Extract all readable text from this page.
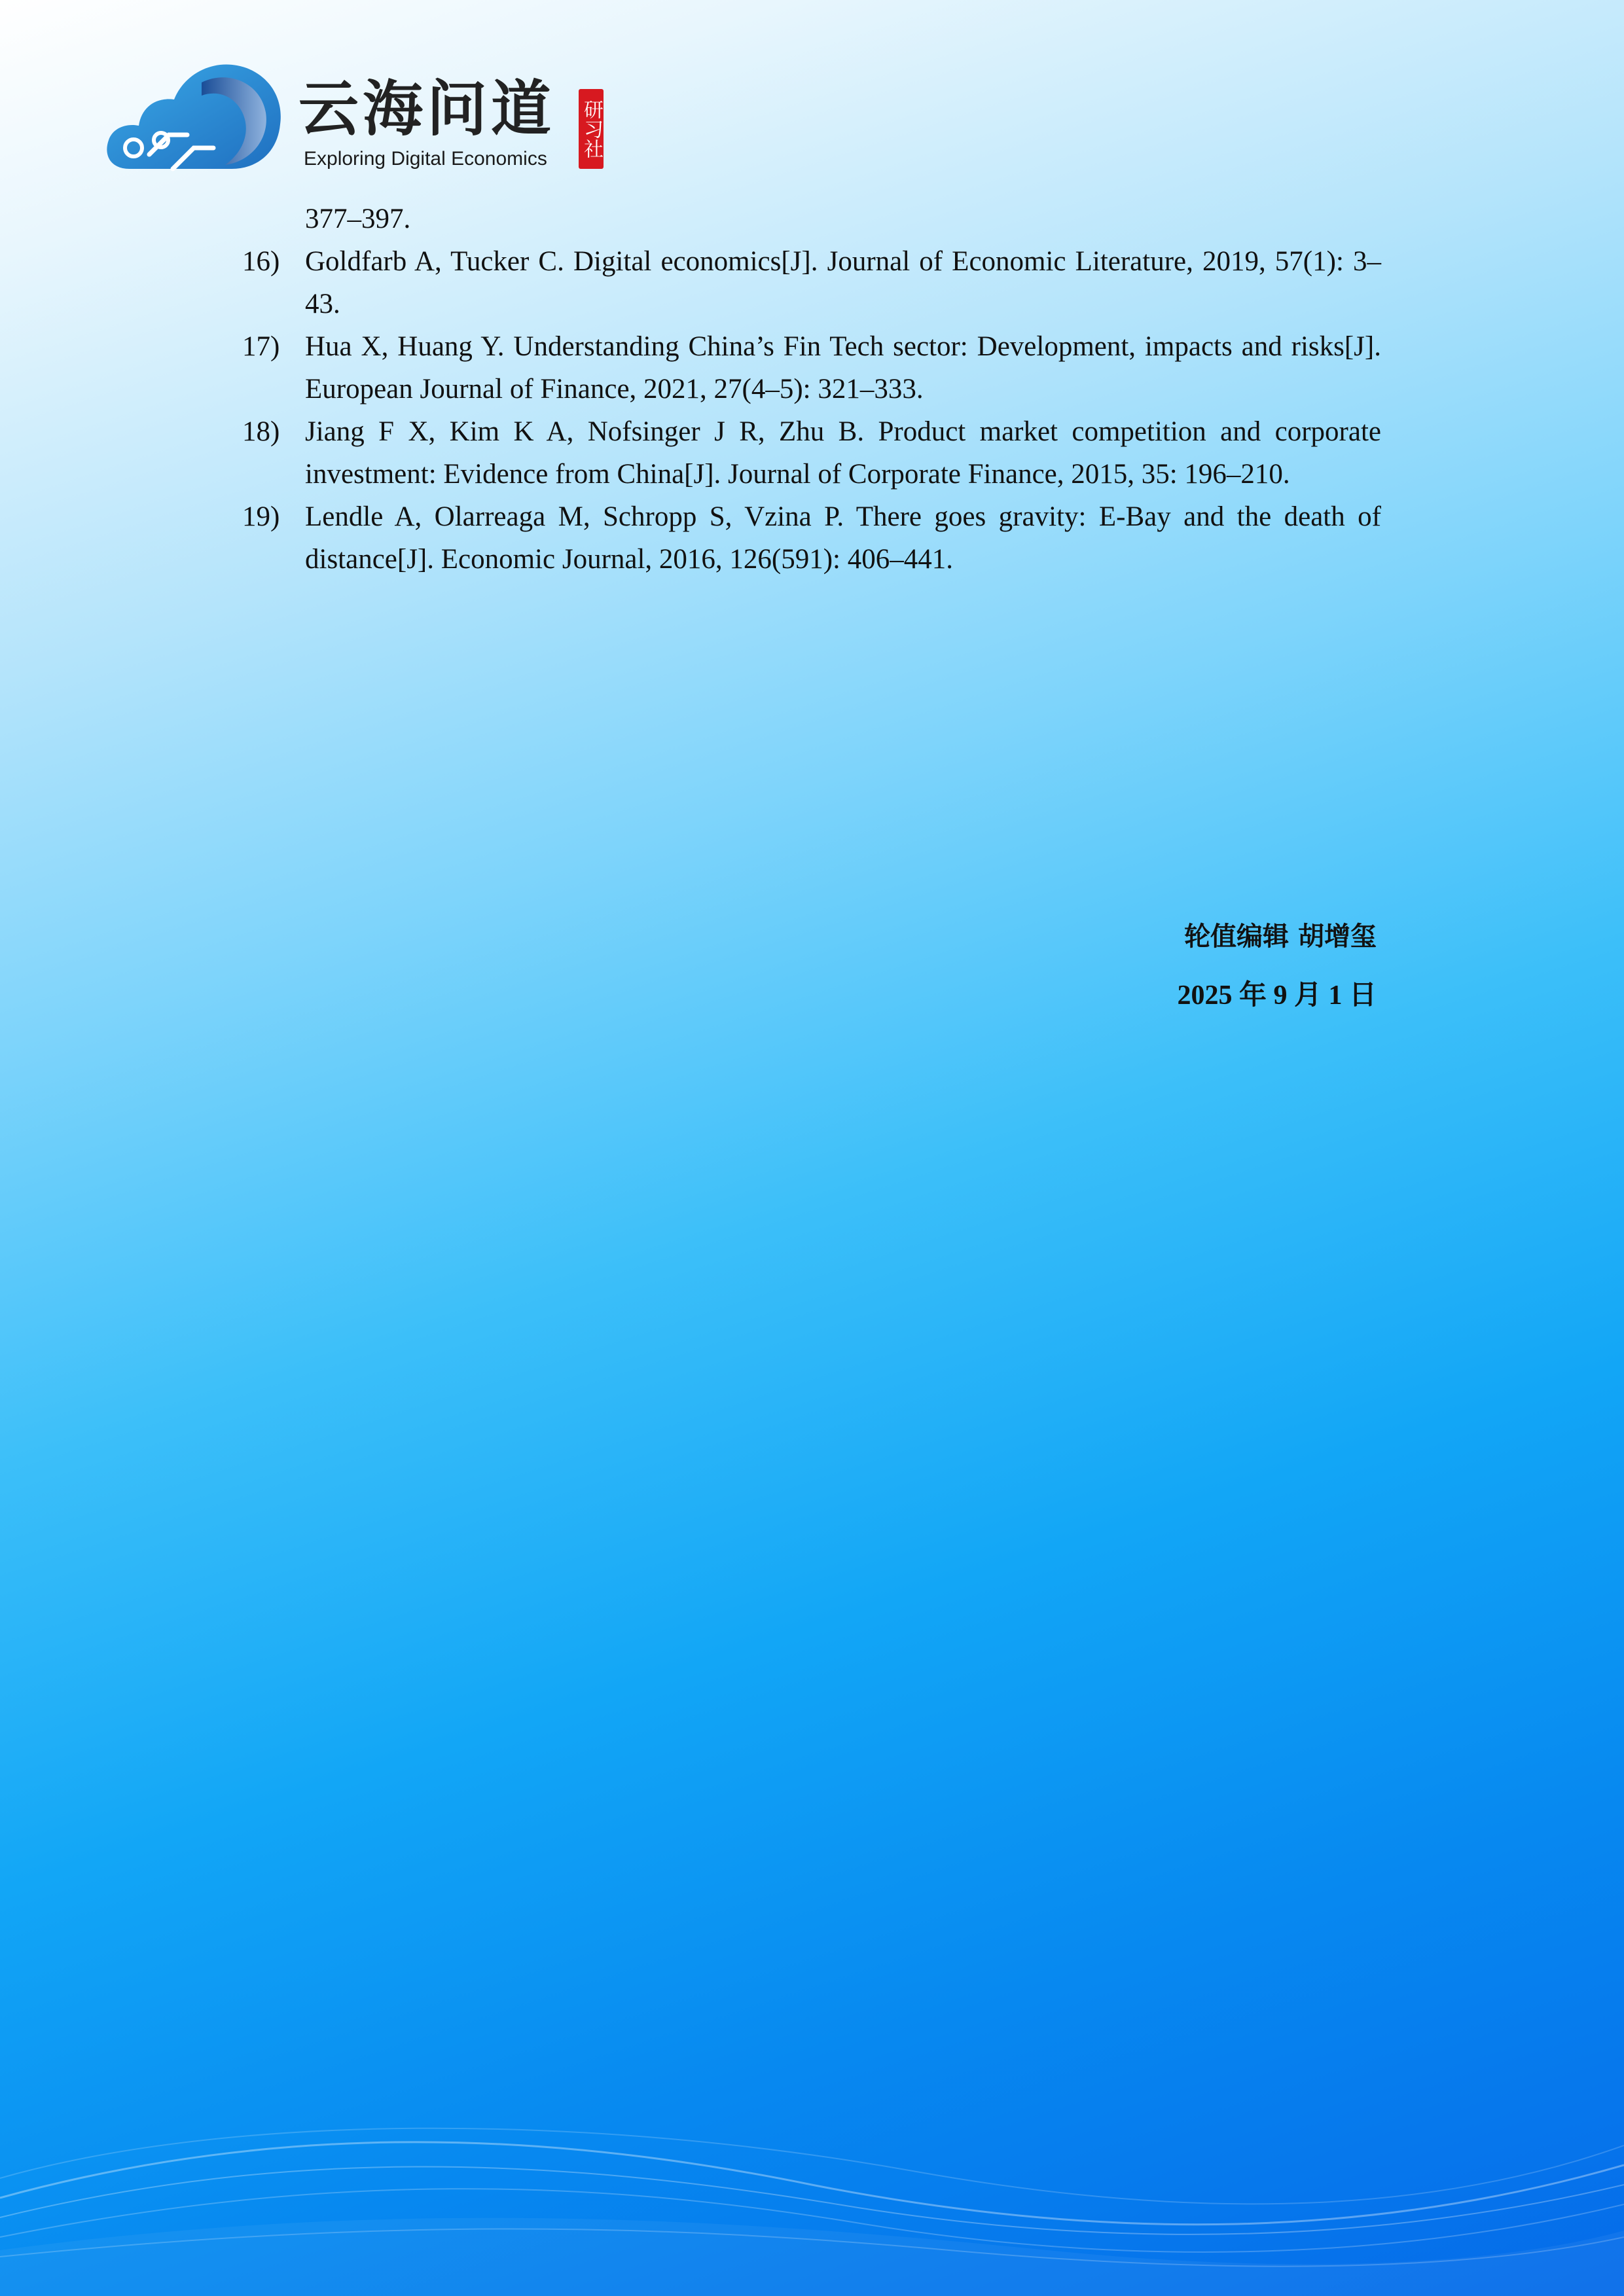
云海问道
Exploring Digital Economics
研习社
377–397.
16) Goldfarb A, Tucker C. Digital economics[J]. Journal of Economic Literature, 2019, 57(1): 3–43.
17) Hua X, Huang Y. Understanding China’s Fin Tech sector: Development, impacts and risks[J]. European Journal of Finance, 2021, 27(4–5): 321–333.
18) Jiang F X, Kim K A, Nofsinger J R, Zhu B. Product market competition and corporate investment: Evidence from China[J]. Journal of Corporate Finance, 2015, 35: 196–210.
19) Lendle A, Olarreaga M, Schropp S, Vzina P. There goes gravity: E-Bay and the death of distance[J]. Economic Journal, 2016, 126(591): 406–441.
轮值编辑 胡增玺
2025 年 9 月 1 日
